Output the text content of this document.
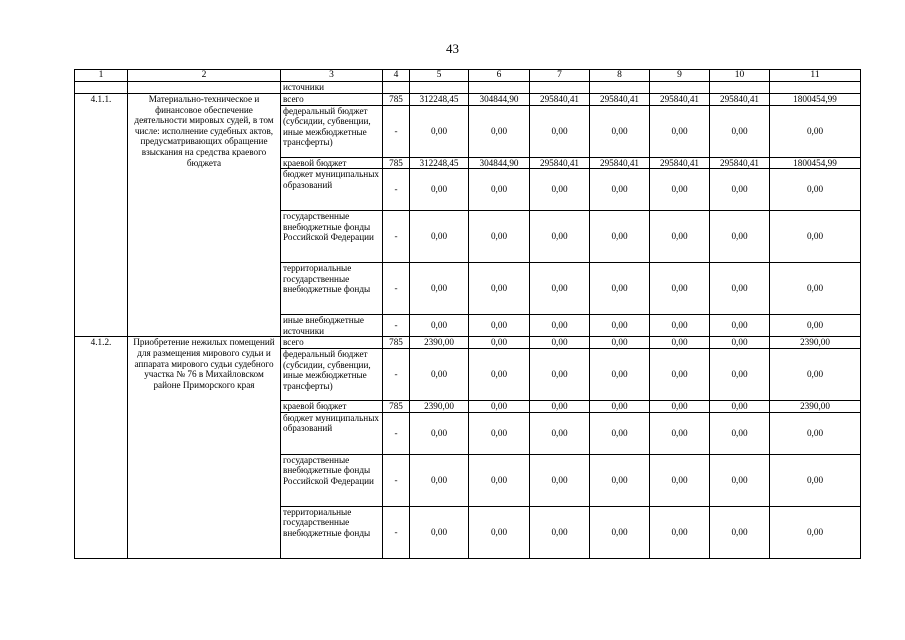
43
1	2	3	4	5	6	7	8	9	10	11
		источники								
4.1.1.	Материально-техническое и финансовое обеспечение деятельности мировых судей, в том числе: исполнение судебных актов, предусматривающих обращение взыскания на средства краевого бюджета	всего	785	312248,45	304844,90	295840,41	295840,41	295840,41	295840,41	1800454,99
		федеральный бюджет (субсидии, субвенции, иные межбюджетные трансферты)	-	0,00	0,00	0,00	0,00	0,00	0,00	0,00
		краевой бюджет	785	312248,45	304844,90	295840,41	295840,41	295840,41	295840,41	1800454,99
		бюджет муниципальных образований	-	0,00	0,00	0,00	0,00	0,00	0,00	0,00
		государственные внебюджетные фонды Российской Федерации	-	0,00	0,00	0,00	0,00	0,00	0,00	0,00
		территориальные государственные внебюджетные фонды	-	0,00	0,00	0,00	0,00	0,00	0,00	0,00
		иные внебюджетные источники	-	0,00	0,00	0,00	0,00	0,00	0,00	0,00
4.1.2.	Приобретение нежилых помещений для размещения мирового судьи и аппарата мирового судьи судебного участка № 76 в Михайловском районе Приморского края	всего	785	2390,00	0,00	0,00	0,00	0,00	0,00	2390,00
		федеральный бюджет (субсидии, субвенции, иные межбюджетные трансферты)	-	0,00	0,00	0,00	0,00	0,00	0,00	0,00
		краевой бюджет	785	2390,00	0,00	0,00	0,00	0,00	0,00	2390,00
		бюджет муниципальных образований	-	0,00	0,00	0,00	0,00	0,00	0,00	0,00
		государственные внебюджетные фонды Российской Федерации	-	0,00	0,00	0,00	0,00	0,00	0,00	0,00
		территориальные государственные внебюджетные фонды	-	0,00	0,00	0,00	0,00	0,00	0,00	0,00
